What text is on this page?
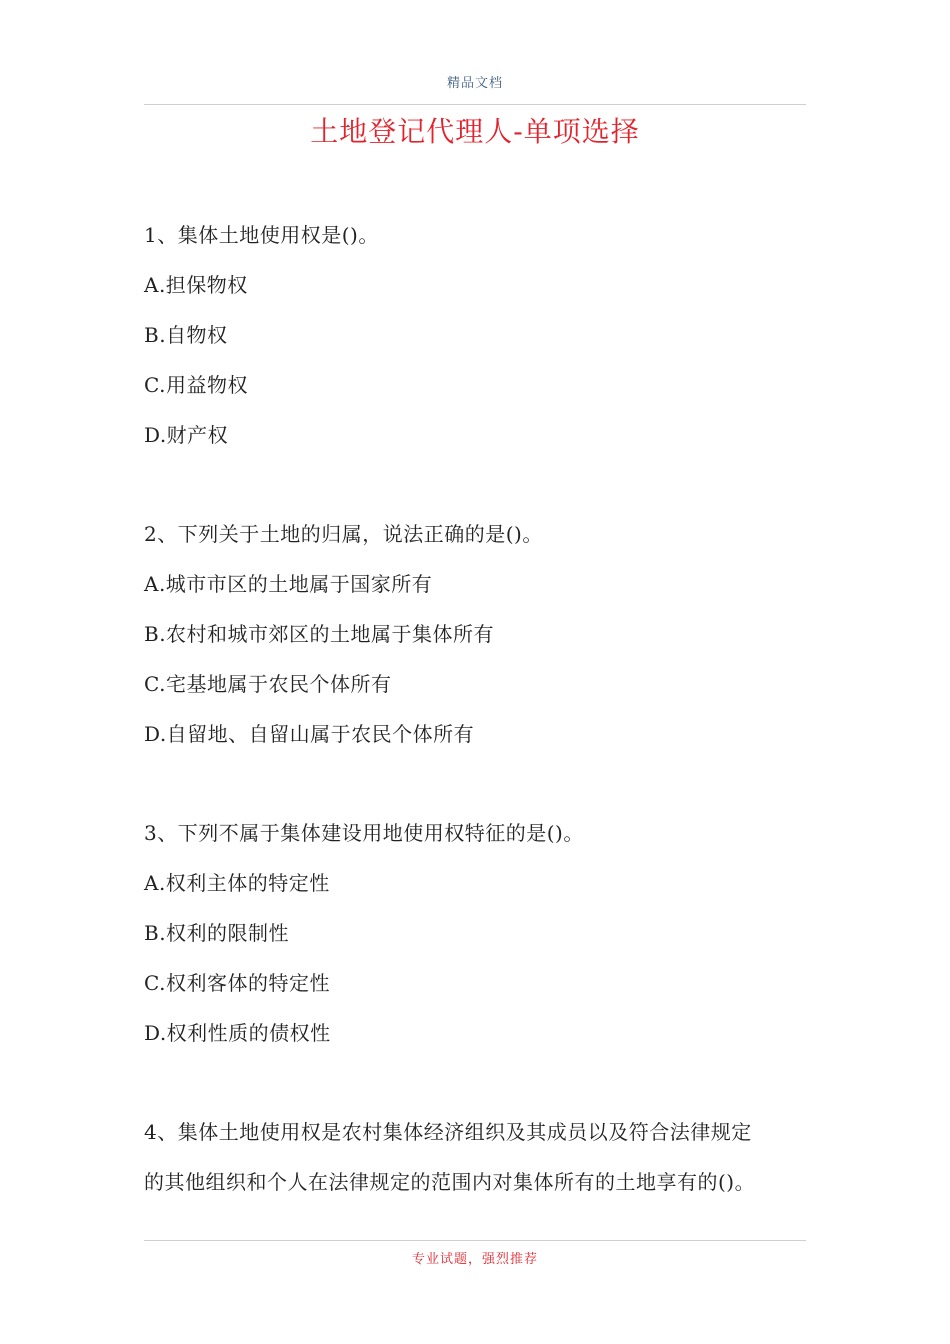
精品文档
土地登记代理人-单项选择
1、集体土地使用权是()。
A.担保物权
B.自物权
C.用益物权
D.财产权
2、下列关于土地的归属，说法正确的是()。
A.城市市区的土地属于国家所有
B.农村和城市郊区的土地属于集体所有
C.宅基地属于农民个体所有
D.自留地、自留山属于农民个体所有
3、下列不属于集体建设用地使用权特征的是()。
A.权利主体的特定性
B.权利的限制性
C.权利客体的特定性
D.权利性质的债权性
4、集体土地使用权是农村集体经济组织及其成员以及符合法律规定
的其他组织和个人在法律规定的范围内对集体所有的土地享有的()。
专业试题，强烈推荐
